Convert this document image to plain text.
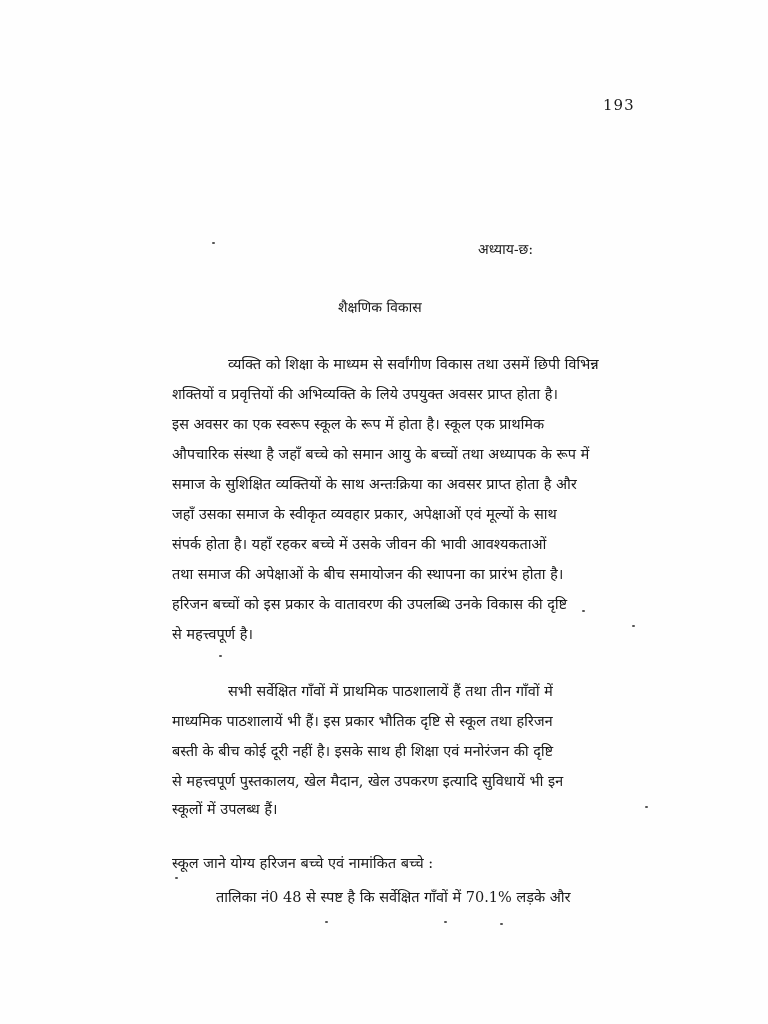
193
अध्याय-छ:
शैक्षणिक विकास
व्यक्ति को शिक्षा के माध्यम से सर्वांगीण विकास तथा उसमें छिपी विभिन्न
शक्तियों व प्रवृत्तियों की अभिव्यक्ति के लिये उपयुक्त अवसर प्राप्त होता है।
इस अवसर का एक स्वरूप स्कूल के रूप में होता है। स्कूल एक प्राथमिक
औपचारिक संस्था है जहाँ बच्चे को समान आयु के बच्चों तथा अध्यापक के रूप में
समाज के सुशिक्षित व्यक्तियों के साथ अन्तःक्रिया का अवसर प्राप्त होता है और
जहाँ उसका समाज के स्वीकृत व्यवहार प्रकार, अपेक्षाओं एवं मूल्यों के साथ
संपर्क होता है। यहाँ रहकर बच्चे में उसके जीवन की भावी आवश्यकताओं
तथा समाज की अपेक्षाओं के बीच समायोजन की स्थापना का प्रारंभ होता है।
हरिजन बच्चों को इस प्रकार के वातावरण की उपलब्धि उनके विकास की दृष्टि
से महत्त्वपूर्ण है।
सभी सर्वेक्षित गाँवों में प्राथमिक पाठशालायें हैं तथा तीन गाँवों में
माध्यमिक पाठशालायें भी हैं। इस प्रकार भौतिक दृष्टि से स्कूल तथा हरिजन
बस्ती के बीच कोई दूरी नहीं है। इसके साथ ही शिक्षा एवं मनोरंजन की दृष्टि
से महत्त्वपूर्ण पुस्तकालय, खेल मैदान, खेल उपकरण इत्यादि सुविधायें भी इन
स्कूलों में उपलब्ध हैं।
स्कूल जाने योग्य हरिजन बच्चे एवं नामांकित बच्चे :
तालिका नं0 48 से स्पष्ट है कि सर्वेक्षित गाँवों में 70.1% लड़के और
